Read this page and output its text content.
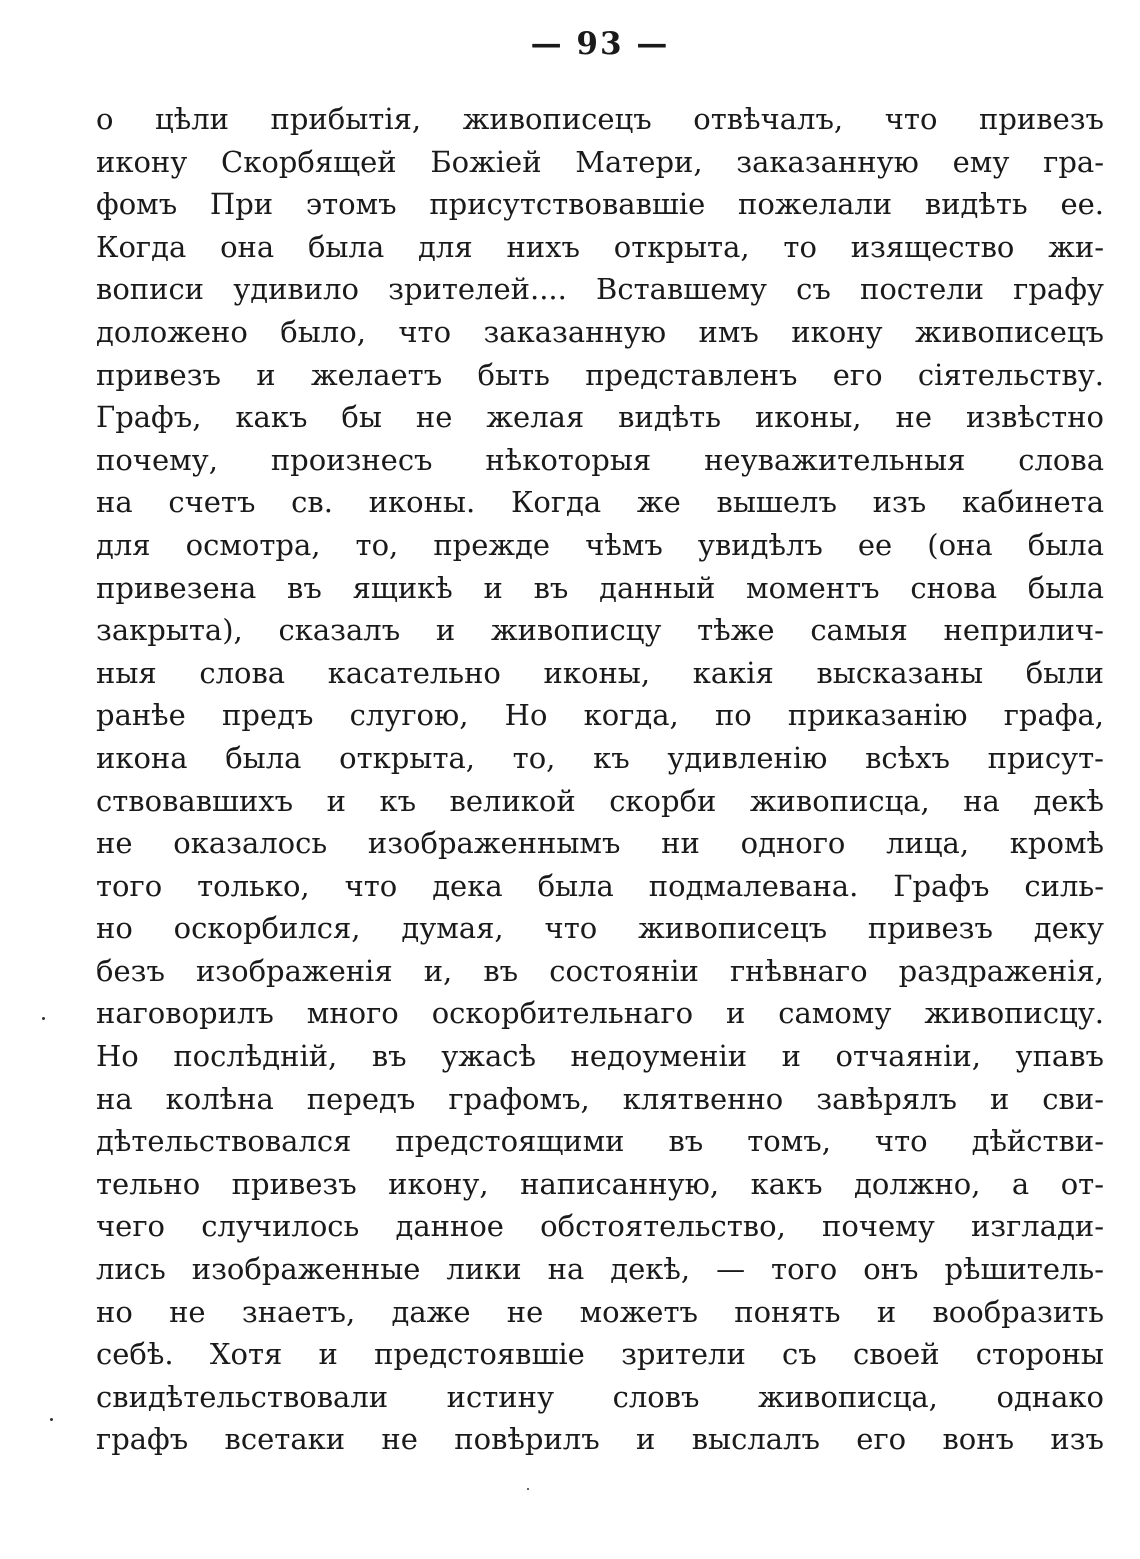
— 93 —
о цѣли прибытія, живописецъ отвѣчалъ, что привезъ
икону Скорбящей Божіей Матери, заказанную ему гра-
фомъ При этомъ присутствовавшіе пожелали видѣть ее.
Когда она была для нихъ открыта, то изящество жи-
вописи удивило зрителей.... Вставшему съ постели графу
доложено было, что заказанную имъ икону живописецъ
привезъ и желаетъ быть представленъ его сіятельству.
Графъ, какъ бы не желая видѣть иконы, не извѣстно
почему, произнесъ нѣкоторыя неуважительныя слова
на счетъ св. иконы. Когда же вышелъ изъ кабинета
для осмотра, то, прежде чѣмъ увидѣлъ ее (она была
привезена въ ящикѣ и въ данный моментъ снова была
закрыта), сказалъ и живописцу тѣже самыя неприлич-
ныя слова касательно иконы, какія высказаны были
ранѣе предъ слугою, Но когда, по приказанію графа,
икона была открыта, то, къ удивленію всѣхъ присут-
ствовавшихъ и къ великой скорби живописца, на декѣ
не оказалось изображеннымъ ни одного лица, кромѣ
того только, что дека была подмалевана. Графъ силь-
но оскорбился, думая, что живописецъ привезъ деку
безъ изображенія и, въ состояніи гнѣвнаго раздраженія,
наговорилъ много оскорбительнаго и самому живописцу.
Но послѣдній, въ ужасѣ недоуменіи и отчаяніи, упавъ
на колѣна передъ графомъ, клятвенно завѣрялъ и сви-
дѣтельствовался предстоящими въ томъ, что дѣйстви-
тельно привезъ икону, написанную, какъ должно, а от-
чего случилось данное обстоятельство, почему изглади-
лись изображенные лики на декѣ, — того онъ рѣшитель-
но не знаетъ, даже не можетъ понять и вообразить
себѣ. Хотя и предстоявшіе зрители съ своей стороны
свидѣтельствовали истину словъ живописца, однако
графъ всетаки не повѣрилъ и выслалъ его вонъ изъ
